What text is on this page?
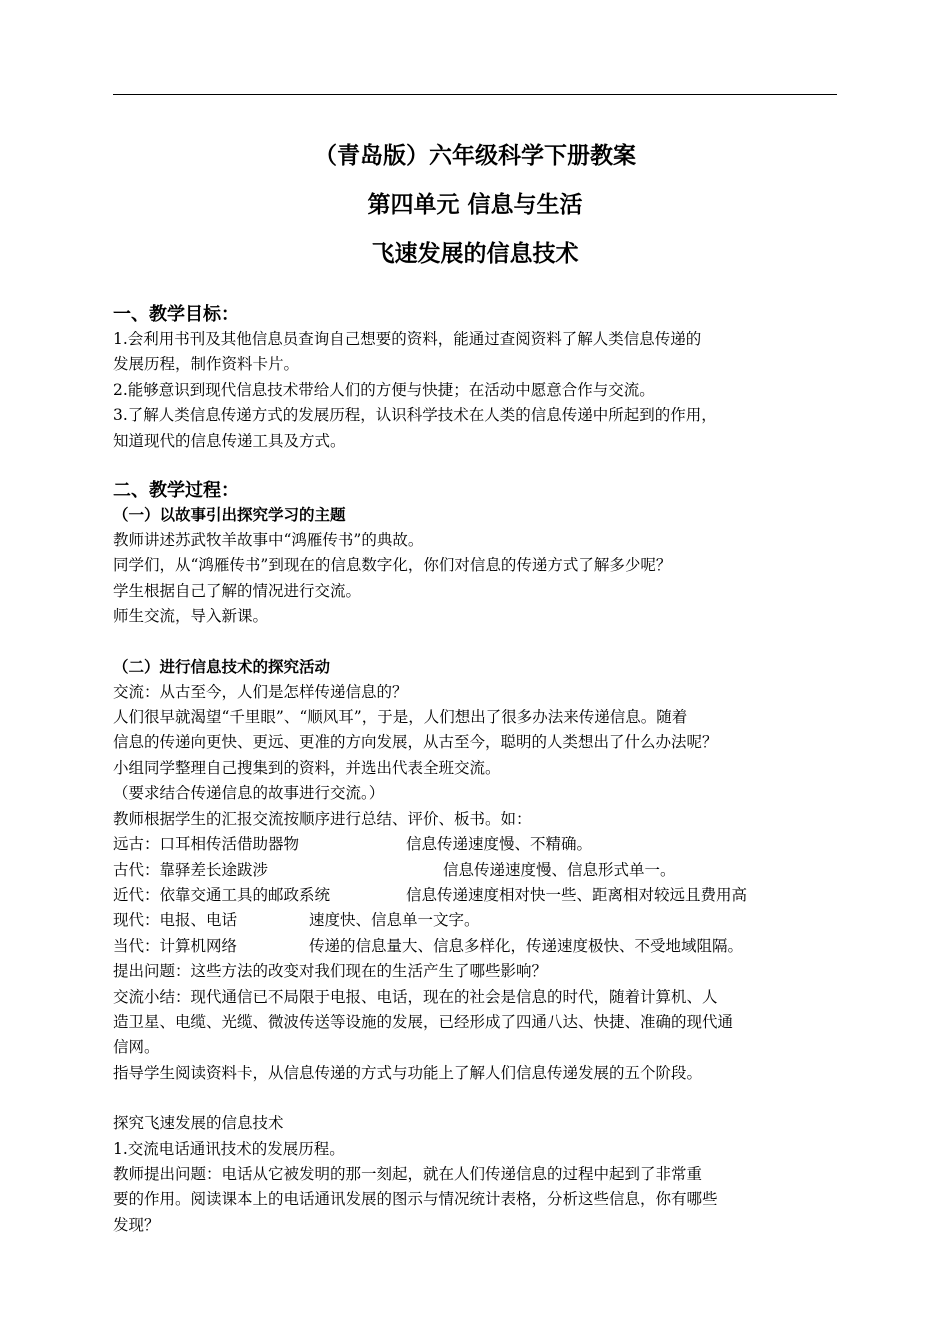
（青岛版）六年级科学下册教案
第四单元 信息与生活
飞速发展的信息技术
一、教学目标：
1.会利用书刊及其他信息员查询自己想要的资料，能通过查阅资料了解人类信息传递的
发展历程，制作资料卡片。
2.能够意识到现代信息技术带给人们的方便与快捷；在活动中愿意合作与交流。
3.了解人类信息传递方式的发展历程，认识科学技术在人类的信息传递中所起到的作用，
知道现代的信息传递工具及方式。
二、教学过程：
（一）以故事引出探究学习的主题
教师讲述苏武牧羊故事中“鸿雁传书”的典故。
同学们，从“鸿雁传书”到现在的信息数字化，你们对信息的传递方式了解多少呢？
学生根据自己了解的情况进行交流。
师生交流，导入新课。
（二）进行信息技术的探究活动
交流：从古至今，人们是怎样传递信息的？
人们很早就渴望“千里眼”、“顺风耳”，于是，人们想出了很多办法来传递信息。随着
信息的传递向更快、更远、更准的方向发展，从古至今，聪明的人类想出了什么办法呢？
小组同学整理自己搜集到的资料，并选出代表全班交流。
（要求结合传递信息的故事进行交流。）
教师根据学生的汇报交流按顺序进行总结、评价、板书。如：
远古：口耳相传活借助器物	信息传递速度慢、不精确。
古代：靠驿差长途跋涉	信息传递速度慢、信息形式单一。
近代：依靠交通工具的邮政系统	信息传递速度相对快一些、距离相对较远且费用高
现代：电报、电话	速度快、信息单一文字。
当代：计算机网络	传递的信息量大、信息多样化，传递速度极快、不受地域阻隔。
提出问题：这些方法的改变对我们现在的生活产生了哪些影响？
交流小结：现代通信已不局限于电报、电话，现在的社会是信息的时代，随着计算机、人
造卫星、电缆、光缆、微波传送等设施的发展，已经形成了四通八达、快捷、准确的现代通
信网。
指导学生阅读资料卡，从信息传递的方式与功能上了解人们信息传递发展的五个阶段。
探究飞速发展的信息技术
1.交流电话通讯技术的发展历程。
教师提出问题：电话从它被发明的那一刻起，就在人们传递信息的过程中起到了非常重
要的作用。阅读课本上的电话通讯发展的图示与情况统计表格，分析这些信息，你有哪些
发现？
